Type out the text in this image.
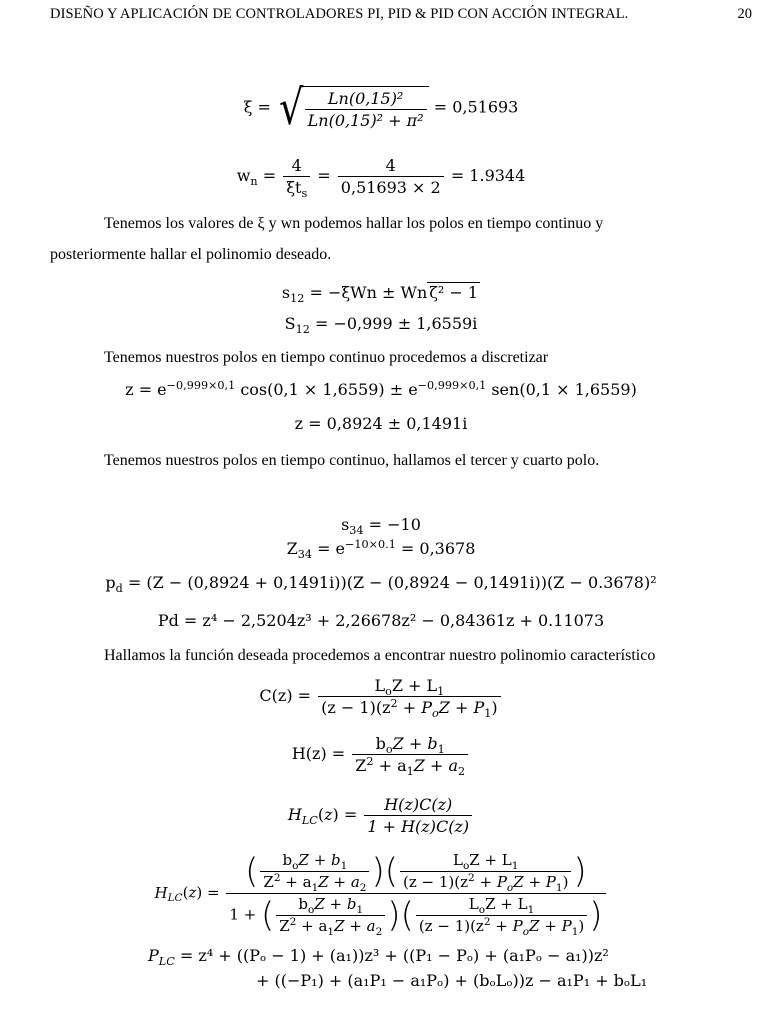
DISEÑO Y APLICACIÓN DE CONTROLADORES PI, PID & PID CON ACCIÓN INTEGRAL.	20
ξ = √ $\frac{\text{Ln(0,15)²}}{\text{Ln(0,15)² + π²}} = 0,51693$
$w_n = \frac{4}{\xi t_s} = \frac{4}{0,51693 \times 2} = 1.9344$
Tenemos los valores de ξ y wn podemos hallar los polos en tiempo continuo y
posteriormente hallar el polinomio deseado.
$s_{12} = -\xi Wn \pm Wn$ ζ² − 1
$S_{12} = -0,999 \pm 1,6559i$
Tenemos nuestros polos en tiempo continuo procedemos a discretizar
$z = e^{-0,999\times 0,1}$ $\cos(0,1 \times 1,6559) \pm e^{-0,999\times 0,1}$ sen(0,1 × 1,6559)
z = 0,8924 ± 0,1491i
Tenemos nuestros polos en tiempo continuo, hallamos el tercer y cuarto polo.
$s_{34} = -10$
$Z_{34} = e^{-10\times 0.1} = 0,3678$
$p_d = (Z - (0,8924 + 0,1491i))(Z - (0,8924 - 0,1491i))(Z - 0.3678)^2$
Pd = z⁴ − 2,5204z³ + 2,26678z² − 0,84361z + 0.11073
Hallamos la función deseada procedemos a encontrar nuestro polinomio característico
$C(z) = \frac{L_oZ + L_1}{(z - 1)(z^2 + P_oZ + P_1)}$
$H(z) = \frac{b_oZ + b_1}{Z^2 + a_1Z + a_2}$
$H_{LC}(z) = \frac{H(z)C(z)}{1 + H(z)C(z)}$
$H_{LC}(z) = \frac{( \frac{b_oZ + b_1}{Z^2 + a_1Z + a_2} )( \frac{L_oZ + L_1}{(z - 1)(z^2 + P_oZ + P_1)} )}{1 + ( \frac{b_oZ + b_1}{Z^2 + a_1Z + a_2} )( \frac{L_oZ + L_1}{(z - 1)(z^2 + P_oZ + P_1)} )}$
$P_{LC} = z^4 + ((P_o - 1) + (a_1))z^3 + ((P_1 - P_o) + (a_1P_o - a_1))z^2$
+ ((−P₁) + (a₁P₁ − a₁Pₒ) + (bₒLₒ))z − a₁P₁ + bₒL₁
